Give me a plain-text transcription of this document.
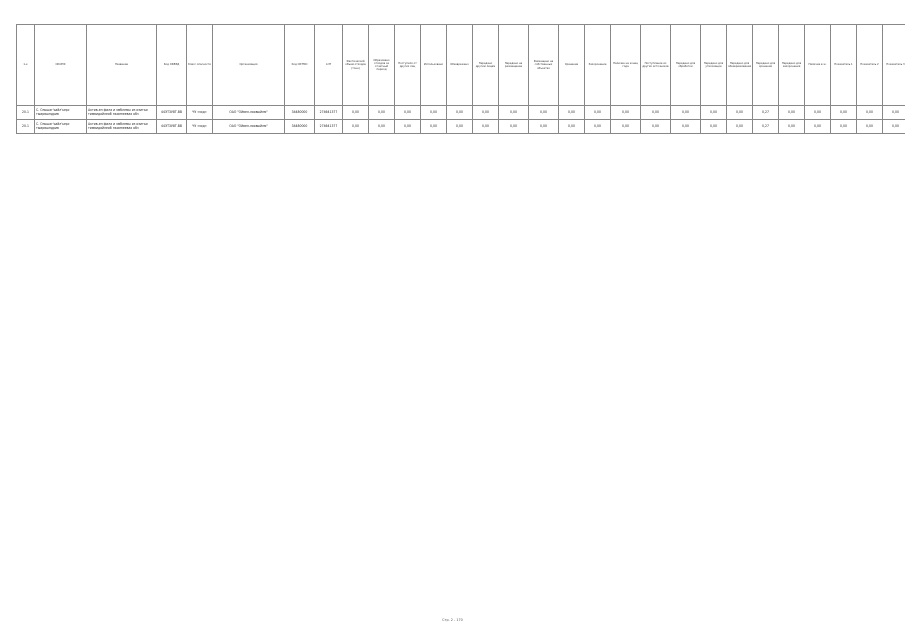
1-к	ОКОПФ	Название	Код ОКВЭД	Класс опасности	Организация	Код ОКТМО	АЧТ	Фактический объем отходов (тонн)	Образовано отходов за отчетный период	Поступило от других лиц	Использовано	Обезврежено	Передано другим лицам	Передано на размещение	Размещено на собственных объектах	Хранение	Захоронение	Наличие на конец года	Поступление из других источников	Передано для обработки	Передано для утилизации	Передано для обезвреживания	Передано для хранения	Передано для захоронения	Наличие в ж.	Показатель 1	Показатель 2	Показатель 3
20.1	С. Ольшаг'ьайл'ьерс тыирвшндрив	Актив-ен фила и эмблемы из изитьи тимвидайлеоб пкомнеевах обз	44ЭТ3У8Т.ВВ	ЧУ «эхд»	ОАО "Ойвел-лоовыйлм"	34480000	274641377	0,00	0,00	0,00	0,00	0,00	0,00	0,00	0,00	0,00	0,00	0,00	0,00	0,00	0,00	0,00	0,27	0,00	0,00	0,00	0,00	0,00
20.1	С. Ольшаг'ьайл'ьерс тыирвшндрив	Актив-ен фила и эмблемы из изитьи тимвидайлеоб пкомнеевах обз	44ЭТ3У8Т.ВВ	ЧУ «эхд»	ОАО "Ойвел-лоовыйлм"	34480000	274641377	0,00	0,00	0,00	0,00	0,00	0,00	0,00	0,00	0,00	0,00	0,00	0,00	0,00	0,00	0,00	0,27	0,00	0,00	0,00	0,00	0,00
Стр. 2 - 170
